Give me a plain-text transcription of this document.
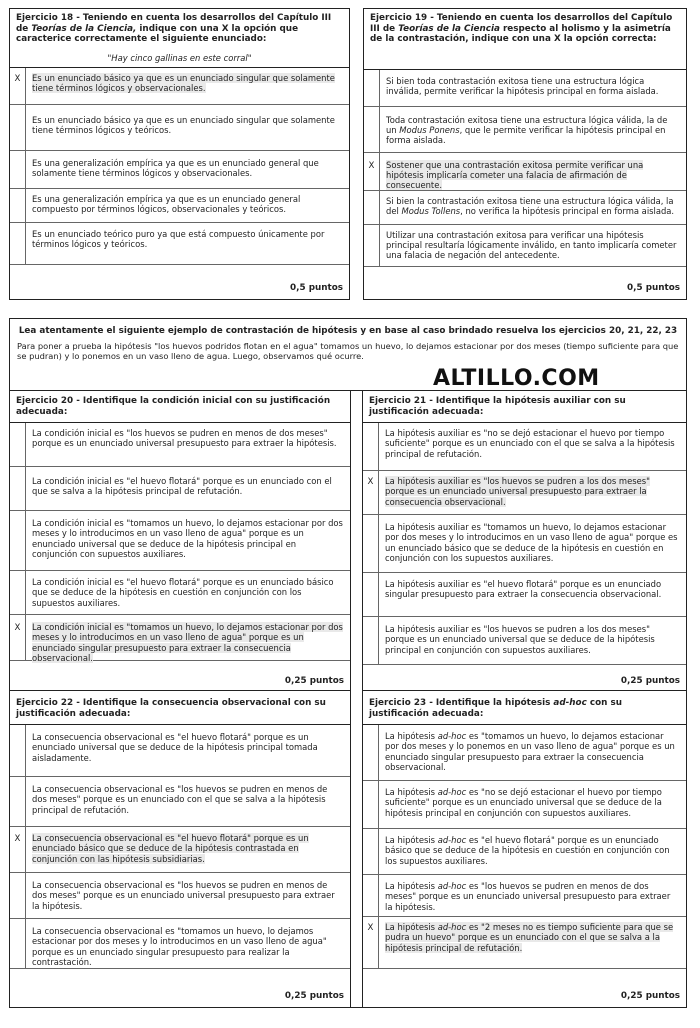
Ejercicio 18 - Teniendo en cuenta los desarrollos del Capítulo III de Teorías de la Ciencia, indique con una X la opción que caracterice correctamente el siguiente enunciado:
"Hay cinco gallinas en este corral"
X	Es un enunciado básico ya que es un enunciado singular que solamente tiene términos lógicos y observacionales.
Es un enunciado básico ya que es un enunciado singular que solamente tiene términos lógicos y teóricos.
Es una generalización empírica ya que es un enunciado general que solamente tiene términos lógicos y observacionales.
Es una generalización empírica ya que es un enunciado general compuesto por términos lógicos, observacionales y teóricos.
Es un enunciado teórico puro ya que está compuesto únicamente por términos lógicos y teóricos.
0,5 puntos
Ejercicio 19 - Teniendo en cuenta los desarrollos del Capítulo III de Teorías de la Ciencia respecto al holismo y la asimetría de la contrastación, indique con una X la opción correcta:
Si bien toda contrastación exitosa tiene una estructura lógica inválida, permite verificar la hipótesis principal en forma aislada.
Toda contrastación exitosa tiene una estructura lógica válida, la de un Modus Ponens, que le permite verificar la hipótesis principal en forma aislada.
X	Sostener que una contrastación exitosa permite verificar una hipótesis implicaría cometer una falacia de afirmación de consecuente.
Si bien la contrastación exitosa tiene una estructura lógica válida, la del Modus Tollens, no verifica la hipótesis principal en forma aislada.
Utilizar una contrastación exitosa para verificar una hipótesis principal resultaría lógicamente inválido, en tanto implicaría cometer una falacia de negación del antecedente.
0,5 puntos
Lea atentamente el siguiente ejemplo de contrastación de hipótesis y en base al caso brindado resuelva los ejercicios 20, 21, 22, 23
Para poner a prueba la hipótesis "los huevos podridos flotan en el agua" tomamos un huevo, lo dejamos estacionar por dos meses (tiempo suficiente para que se pudran) y lo ponemos en un vaso lleno de agua. Luego, observamos qué ocurre.
ALTILLO.COM
Ejercicio 20 - Identifique la condición inicial con su justificación adecuada:
La condición inicial es "los huevos se pudren en menos de dos meses" porque es un enunciado universal presupuesto para extraer la hipótesis.
La condición inicial es "el huevo flotará" porque es un enunciado con el que se salva a la hipótesis principal de refutación.
La condición inicial es "tomamos un huevo, lo dejamos estacionar por dos meses y lo introducimos en un vaso lleno de agua" porque es un enunciado universal que se deduce de la hipótesis principal en conjunción con supuestos auxiliares.
La condición inicial es "el huevo flotará" porque es un enunciado básico que se deduce de la hipótesis en cuestión en conjunción con los supuestos auxiliares.
X	La condición inicial es "tomamos un huevo, lo dejamos estacionar por dos meses y lo introducimos en un vaso lleno de agua" porque es un enunciado singular presupuesto para extraer la consecuencia observacional.
0,25 puntos
Ejercicio 21 - Identifique la hipótesis auxiliar con su justificación adecuada:
La hipótesis auxiliar es "no se dejó estacionar el huevo por tiempo suficiente" porque es un enunciado con el que se salva a la hipótesis principal de refutación.
X	La hipótesis auxiliar es "los huevos se pudren a los dos meses" porque es un enunciado universal presupuesto para extraer la consecuencia observacional.
La hipótesis auxiliar es "tomamos un huevo, lo dejamos estacionar por dos meses y lo introducimos en un vaso lleno de agua" porque es un enunciado básico que se deduce de la hipótesis en cuestión en conjunción con los supuestos auxiliares.
La hipótesis auxiliar es "el huevo flotará" porque es un enunciado singular presupuesto para extraer la consecuencia observacional.
La hipótesis auxiliar es "los huevos se pudren a los dos meses" porque es un enunciado universal que se deduce de la hipótesis principal en conjunción con supuestos auxiliares.
0,25 puntos
Ejercicio 22 - Identifique la consecuencia observacional con su justificación adecuada:
La consecuencia observacional es "el huevo flotará" porque es un enunciado universal que se deduce de la hipótesis principal tomada aisladamente.
La consecuencia observacional es "los huevos se pudren en menos de dos meses" porque es un enunciado con el que se salva a la hipótesis principal de refutación.
X	La consecuencia observacional es "el huevo flotará" porque es un enunciado básico que se deduce de la hipótesis contrastada en conjunción con las hipótesis subsidiarias.
La consecuencia observacional es "los huevos se pudren en menos de dos meses" porque es un enunciado universal presupuesto para extraer la hipótesis.
La consecuencia observacional es "tomamos un huevo, lo dejamos estacionar por dos meses y lo introducimos en un vaso lleno de agua" porque es un enunciado singular presupuesto para realizar la contrastación.
0,25 puntos
Ejercicio 23 - Identifique la hipótesis ad-hoc con su justificación adecuada:
La hipótesis ad-hoc es "tomamos un huevo, lo dejamos estacionar por dos meses y lo ponemos en un vaso lleno de agua" porque es un enunciado singular presupuesto para extraer la consecuencia observacional.
La hipótesis ad-hoc es "no se dejó estacionar el huevo por tiempo suficiente" porque es un enunciado universal que se deduce de la hipótesis principal en conjunción con supuestos auxiliares.
La hipótesis ad-hoc es "el huevo flotará" porque es un enunciado básico que se deduce de la hipótesis en cuestión en conjunción con los supuestos auxiliares.
La hipótesis ad-hoc es "los huevos se pudren en menos de dos meses" porque es un enunciado universal presupuesto para extraer la hipótesis.
X	La hipótesis ad-hoc es "2 meses no es tiempo suficiente para que se pudra un huevo" porque es un enunciado con el que se salva a la hipótesis principal de refutación.
0,25 puntos
